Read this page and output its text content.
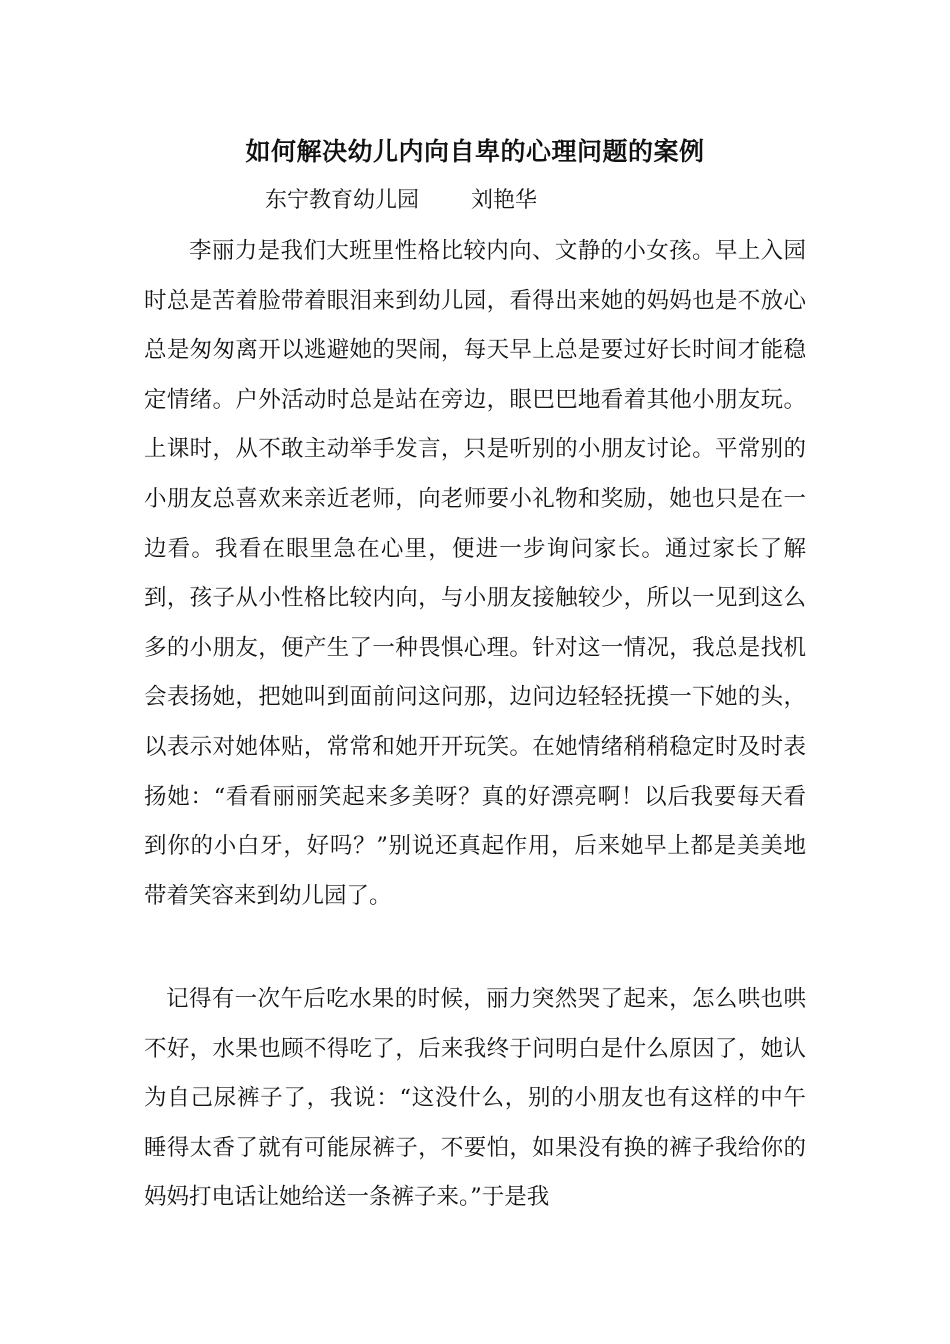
如何解决幼儿内向自卑的心理问题的案例
东宁教育幼儿园 刘艳华

李丽力是我们大班里性格比较内向、文静的小女孩。早上入园时总是苦着脸带着眼泪来到幼儿园，看得出来她的妈妈也是不放心总是匆匆离开以逃避她的哭闹，每天早上总是要过好长时间才能稳定情绪。户外活动时总是站在旁边，眼巴巴地看着其他小朋友玩。上课时，从不敢主动举手发言，只是听别的小朋友讨论。平常别的小朋友总喜欢来亲近老师，向老师要小礼物和奖励，她也只是在一边看。我看在眼里急在心里，便进一步询问家长。通过家长了解到，孩子从小性格比较内向，与小朋友接触较少，所以一见到这么多的小朋友，便产生了一种畏惧心理。针对这一情况，我总是找机会表扬她，把她叫到面前问这问那，边问边轻轻抚摸一下她的头，以表示对她体贴，常常和她开开玩笑。在她情绪稍稍稳定时及时表扬她：“看看丽丽笑起来多美呀？真的好漂亮啊！以后我要每天看到你的小白牙，好吗？”别说还真起作用，后来她早上都是美美地带着笑容来到幼儿园了。

记得有一次午后吃水果的时候，丽力突然哭了起来，怎么哄也哄不好，水果也顾不得吃了，后来我终于问明白是什么原因了，她认为自己尿裤子了，我说：“这没什么，别的小朋友也有这样的中午睡得太香了就有可能尿裤子，不要怕，如果没有换的裤子我给你的妈妈打电话让她给送一条裤子来。”于是我
